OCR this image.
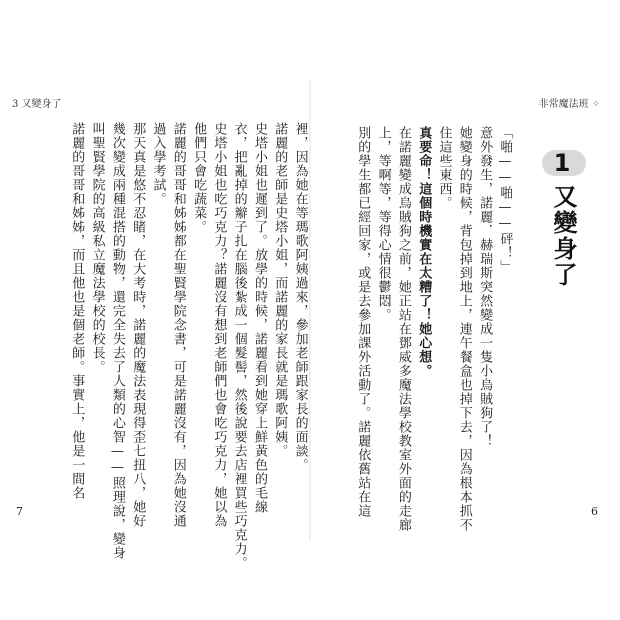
3 又變身了	非常魔法班 ✧
裡，因為她在等瑪歌阿姨過來，參加老師跟家長的面談。
諾麗的老師是史塔小姐，而諾麗的家長就是瑪歌阿姨。
史塔小姐也遲到了。放學的時候，諾麗看到她穿上鮮黃色的毛線
衣，把亂掉的辮子扎在腦後紮成一個髮髻，然後說要去店裡買些巧克力。
史塔小姐也吃巧克力？諾麗沒有想到老師們也會吃巧克力，她以為
他們只會吃蔬菜。
諾麗的哥哥和姊姊都在聖賢學院念書，可是諾麗沒有，因為她沒通
過入學考試。
那天真是悠不忍睹，在大考時，諾麗的魔法表現得歪七扭八，她好
幾次變成兩種混搭的動物，還完全失去了人類的心智——照理說，變身
叫聖賢學院的高級私立魔法學校的校長。
諾麗的哥哥和姊姊，而且他也是個老師。事實上，他是一間名	「啪——啪——砰！」
意外發生，諾麗．赫瑞斯突然變成一隻小烏賊狗了！
她變身的時候，背包掉到地上，連午餐盒也掉下去，因為根本抓不
住這些東西。
真要命！這個時機實在太糟了！她心想。
在諾麗變成烏賊狗之前，她正站在鄧威多魔法學校教室外面的走廊
上，等啊等，等得心情很鬱悶。
別的學生都已經回家，或是去參加課外活動了。諾麗依舊站在這	1
又變身了
7	6
